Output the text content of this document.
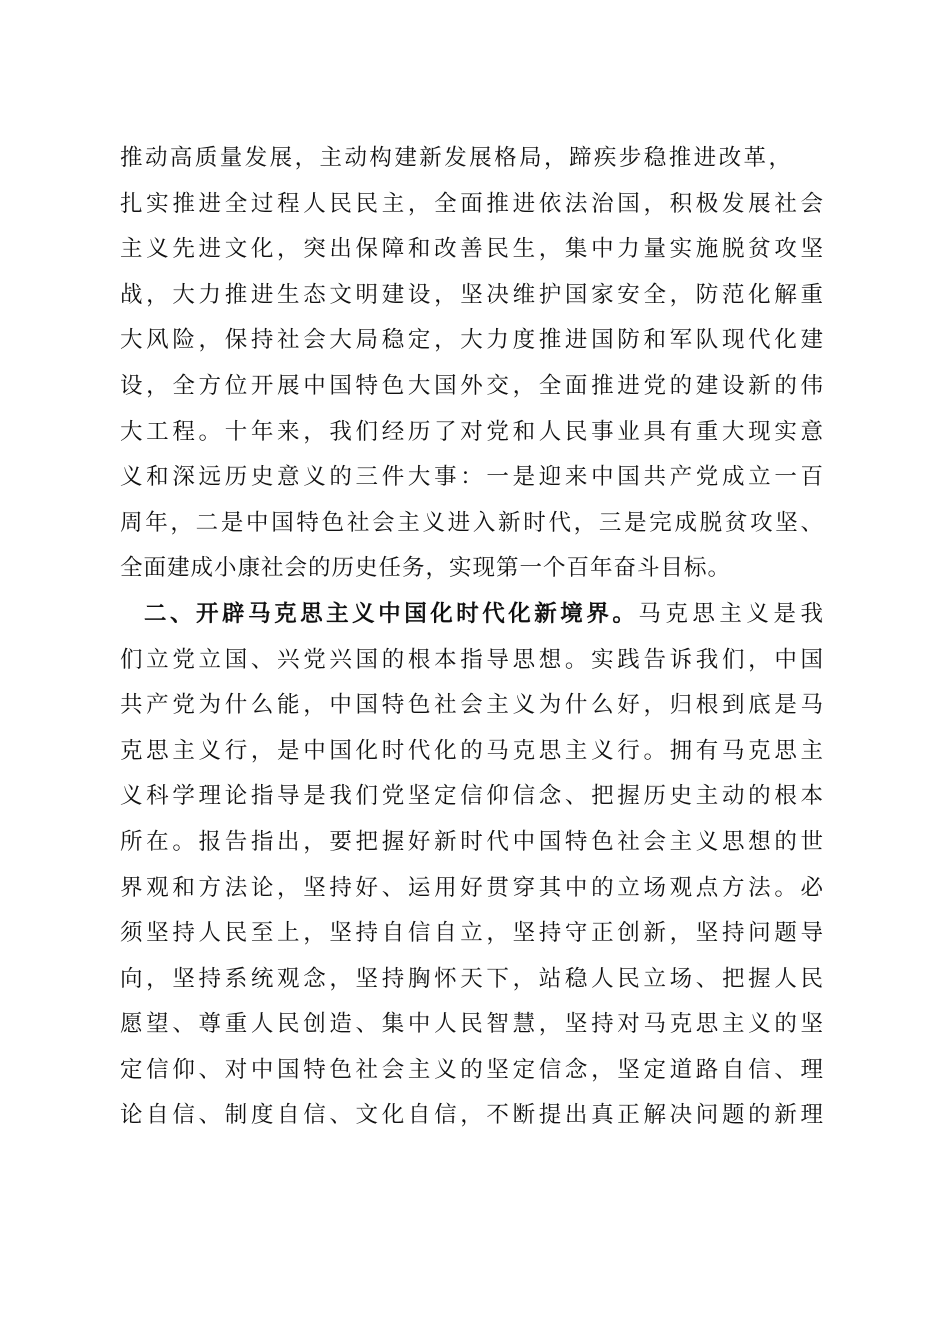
推动高质量发展，主动构建新发展格局，蹄疾步稳推进改革，
扎实推进全过程人民民主，全面推进依法治国，积极发展社会
主义先进文化，突出保障和改善民生，集中力量实施脱贫攻坚
战，大力推进生态文明建设，坚决维护国家安全，防范化解重
大风险，保持社会大局稳定，大力度推进国防和军队现代化建
设，全方位开展中国特色大国外交，全面推进党的建设新的伟
大工程。十年来，我们经历了对党和人民事业具有重大现实意
义和深远历史意义的三件大事：一是迎来中国共产党成立一百
周年，二是中国特色社会主义进入新时代，三是完成脱贫攻坚、
全面建成小康社会的历史任务，实现第一个百年奋斗目标。
二、开辟马克思主义中国化时代化新境界。马克思主义是我
们立党立国、兴党兴国的根本指导思想。实践告诉我们，中国
共产党为什么能，中国特色社会主义为什么好，归根到底是马
克思主义行，是中国化时代化的马克思主义行。拥有马克思主
义科学理论指导是我们党坚定信仰信念、把握历史主动的根本
所在。报告指出，要把握好新时代中国特色社会主义思想的世
界观和方法论，坚持好、运用好贯穿其中的立场观点方法。必
须坚持人民至上，坚持自信自立，坚持守正创新，坚持问题导
向，坚持系统观念，坚持胸怀天下，站稳人民立场、把握人民
愿望、尊重人民创造、集中人民智慧，坚持对马克思主义的坚
定信仰、对中国特色社会主义的坚定信念，坚定道路自信、理
论自信、制度自信、文化自信，不断提出真正解决问题的新理
